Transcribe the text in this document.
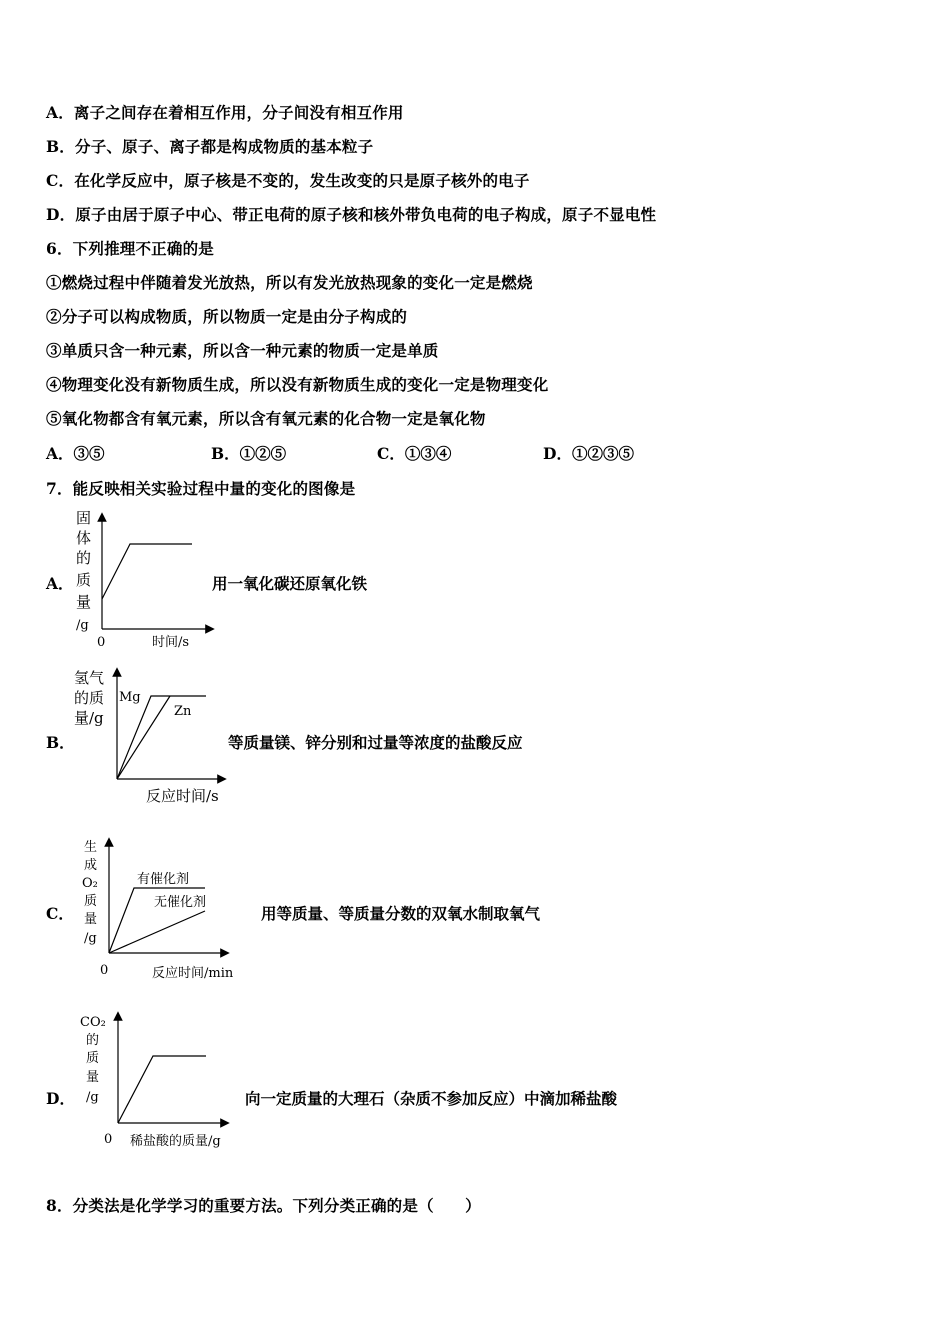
A．离子之间存在着相互作用，分子间没有相互作用
B．分子、原子、离子都是构成物质的基本粒子
C．在化学反应中，原子核是不变的，发生改变的只是原子核外的电子
D．原子由居于原子中心、带正电荷的原子核和核外带负电荷的电子构成，原子不显电性
6．下列推理不正确的是
①燃烧过程中伴随着发光放热，所以有发光放热现象的变化一定是燃烧
②分子可以构成物质，所以物质一定是由分子构成的
③单质只含一种元素，所以含一种元素的物质一定是单质
④物理变化没有新物质生成，所以没有新物质生成的变化一定是物理变化
⑤氧化物都含有氧元素，所以含有氧元素的化合物一定是氧化物
A．③⑤	B．①②⑤	C．①③④	D．①②③⑤
7．能反映相关实验过程中量的变化的图像是
A．
固
体
的
质
量
/g
0	时间/s
用一氧化碳还原氧化铁
B．
氢气
的质
量/g
Mg
Zn
反应时间/s
等质量镁、锌分别和过量等浓度的盐酸反应
C．
生
成
O₂
质
量
/g
有催化剂
无催化剂
0	反应时间/min
用等质量、等质量分数的双氧水制取氧气
D．
CO₂
的
质
量
/g
0 稀盐酸的质量/g
向一定质量的大理石（杂质不参加反应）中滴加稀盐酸
8．分类法是化学学习的重要方法。下列分类正确的是（　　）
